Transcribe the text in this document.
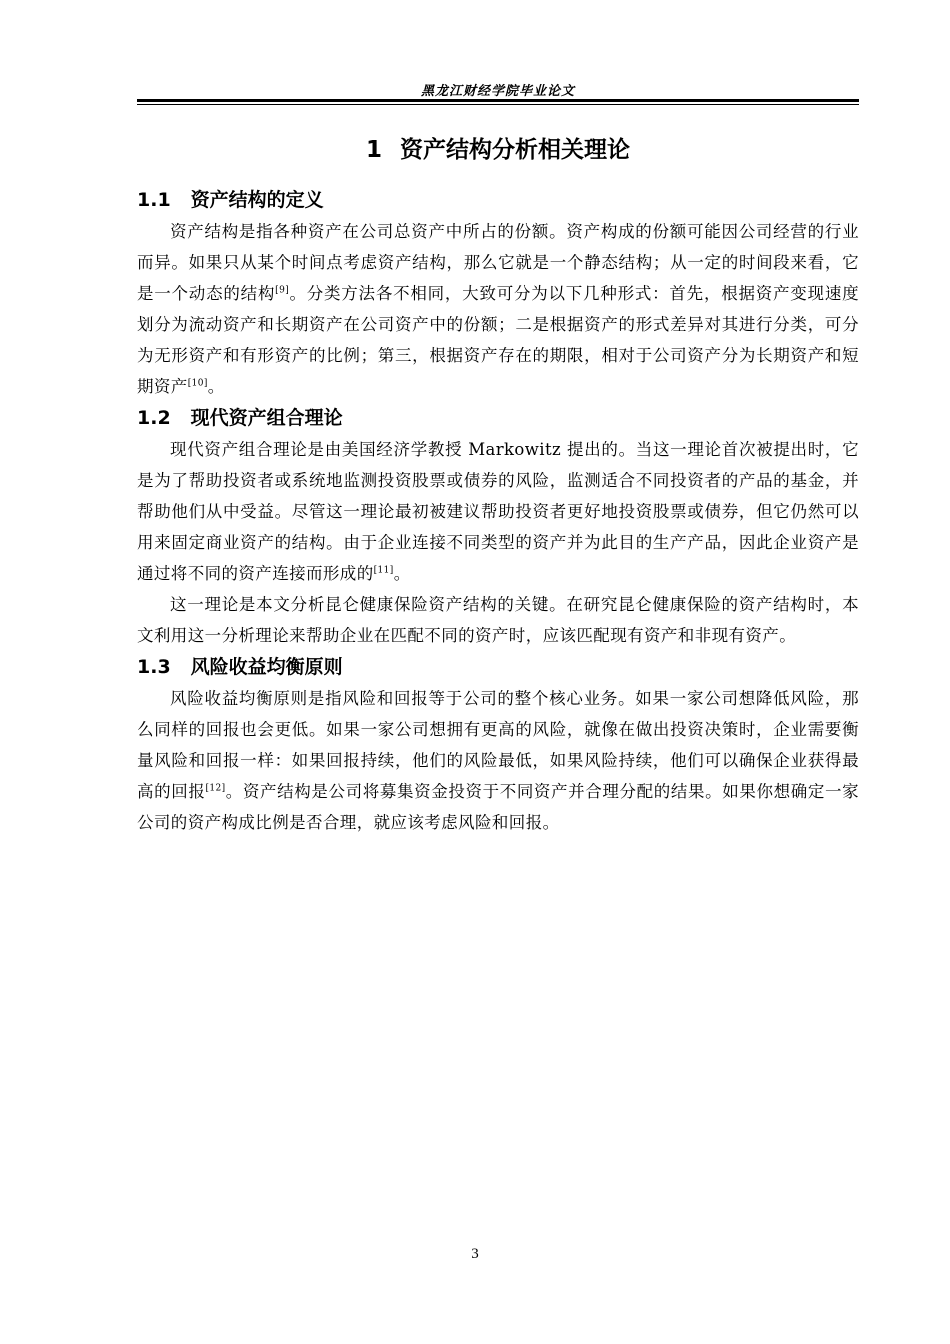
黑龙江财经学院毕业论文
1 资产结构分析相关理论
1.1 资产结构的定义

资产结构是指各种资产在公司总资产中所占的份额。资产构成的份额可能因公司经营的行业而异。如果只从某个时间点考虑资产结构，那么它就是一个静态结构；从一定的时间段来看，它是一个动态的结构[9]。分类方法各不相同，大致可分为以下几种形式：首先，根据资产变现速度划分为流动资产和长期资产在公司资产中的份额；二是根据资产的形式差异对其进行分类，可分为无形资产和有形资产的比例；第三，根据资产存在的期限，相对于公司资产分为长期资产和短期资产[10]。

1.2 现代资产组合理论

现代资产组合理论是由美国经济学教授 Markowitz 提出的。当这一理论首次被提出时，它是为了帮助投资者或系统地监测投资股票或债券的风险，监测适合不同投资者的产品的基金，并帮助他们从中受益。尽管这一理论最初被建议帮助投资者更好地投资股票或债券，但它仍然可以用来固定商业资产的结构。由于企业连接不同类型的资产并为此目的生产产品，因此企业资产是通过将不同的资产连接而形成的[11]。

这一理论是本文分析昆仑健康保险资产结构的关键。在研究昆仑健康保险的资产结构时，本文利用这一分析理论来帮助企业在匹配不同的资产时，应该匹配现有资产和非现有资产。

1.3 风险收益均衡原则

风险收益均衡原则是指风险和回报等于公司的整个核心业务。如果一家公司想降低风险，那么同样的回报也会更低。如果一家公司想拥有更高的风险，就像在做出投资决策时，企业需要衡量风险和回报一样：如果回报持续，他们的风险最低，如果风险持续，他们可以确保企业获得最高的回报[12]。资产结构是公司将募集资金投资于不同资产并合理分配的结果。如果你想确定一家公司的资产构成比例是否合理，就应该考虑风险和回报。

3
